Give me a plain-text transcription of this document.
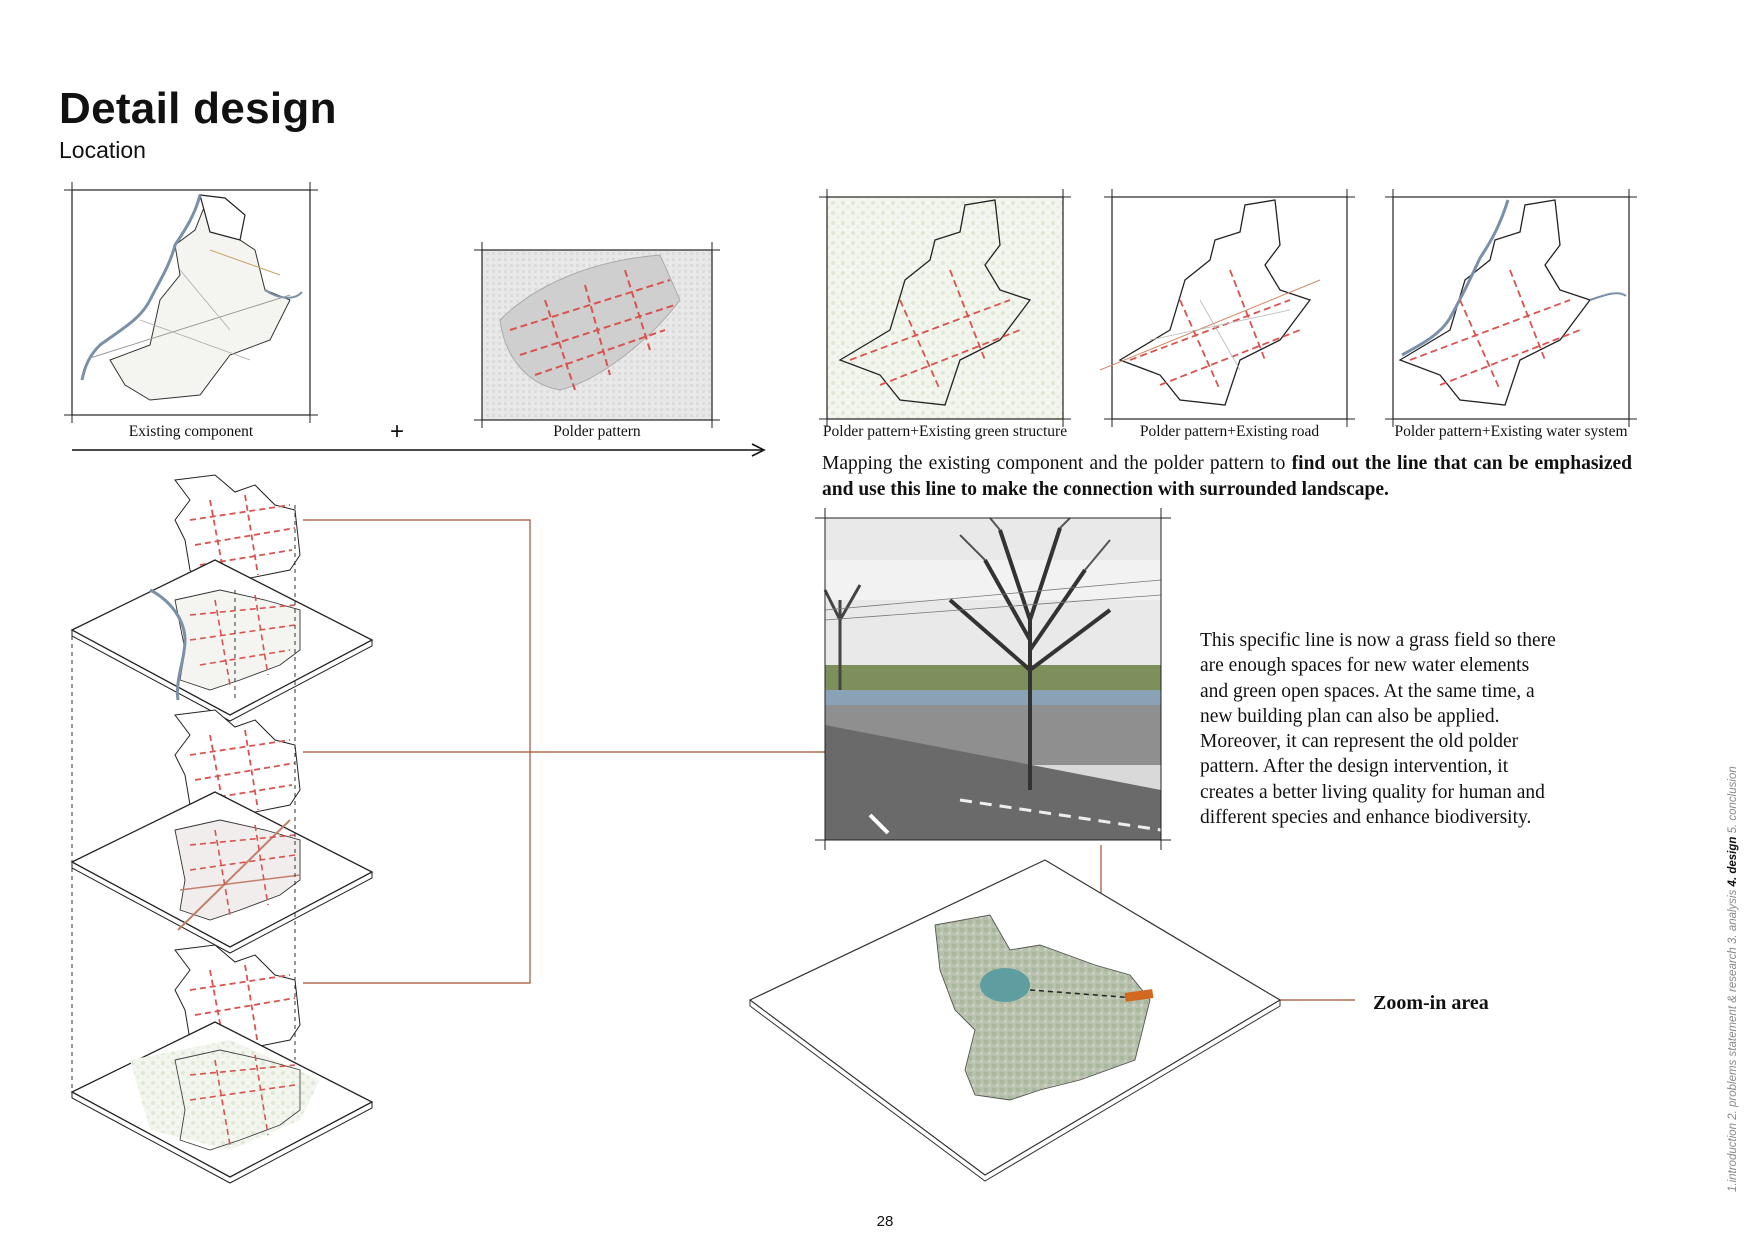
Detail design
Location
Existing component	+	Polder pattern	Polder pattern+Existing green structure	Polder pattern+Existing road	Polder pattern+Existing water system
Mapping the existing component and the polder pattern to find out the line that can be emphasized and use this line to make the connection with surrounded landscape.
This specific line is now a grass field so there are enough spaces for new water elements and green open spaces. At the same time, a new building plan can also be applied. Moreover, it can represent the old polder pattern. After the design intervention, it creates a better living quality for human and different species and enhance biodiversity.
Zoom-in area
28
1.introduction 2. problems statement & research 3. analysis 4. design 5. conclusion
